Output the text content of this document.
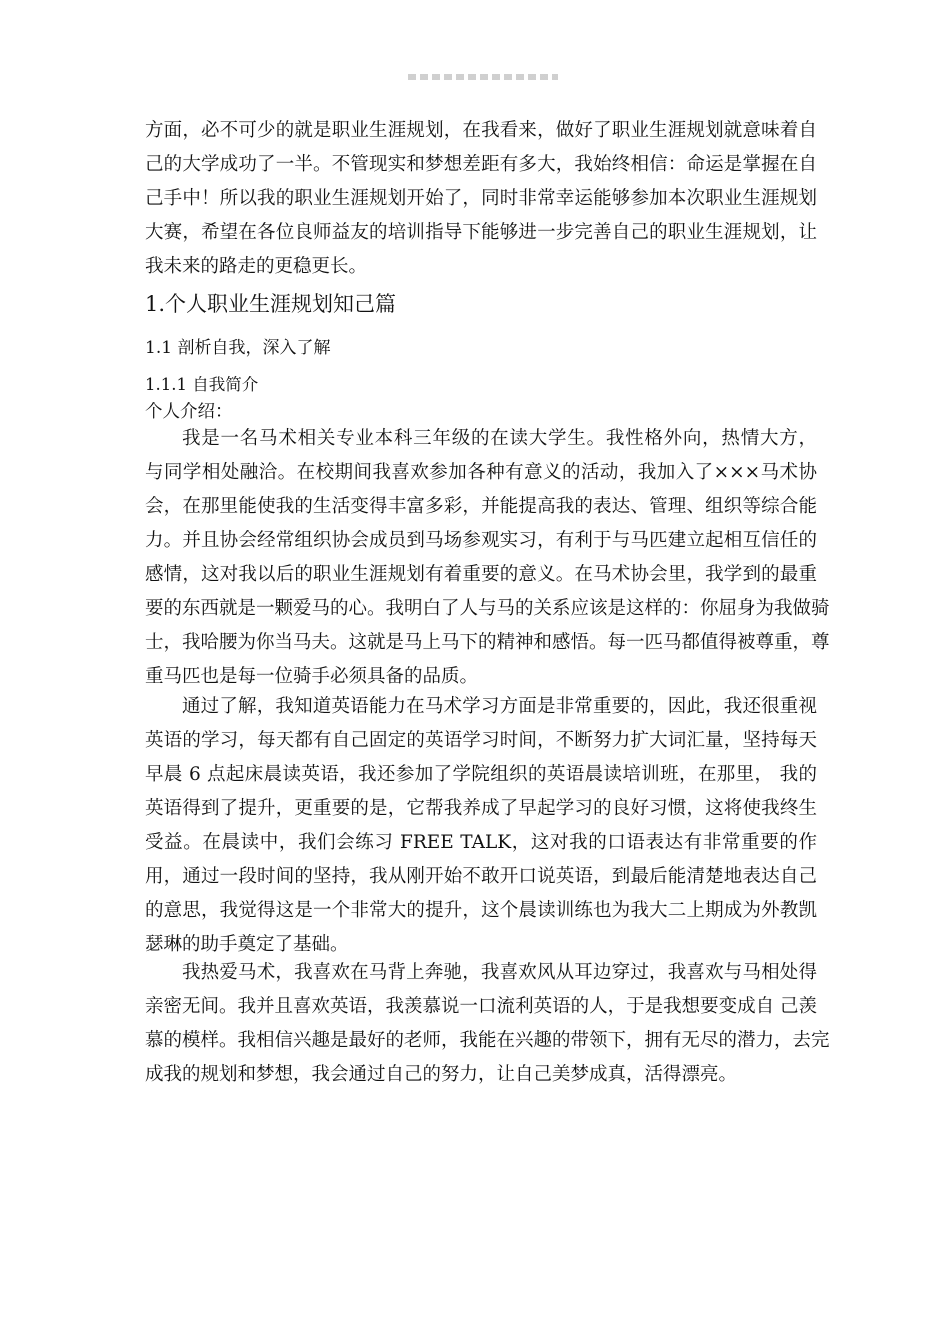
方面，必不可少的就是职业生涯规划，在我看来，做好了职业生涯规划就意味着自
己的大学成功了一半。不管现实和梦想差距有多大，我始终相信：命运是掌握在自
己手中！所以我的职业生涯规划开始了，同时非常幸运能够参加本次职业生涯规划
大赛，希望在各位良师益友的培训指导下能够进一步完善自己的职业生涯规划，让
我未来的路走的更稳更长。
1.个人职业生涯规划知己篇
1.1 剖析自我，深入了解
1.1.1 自我简介
个人介绍：
我是一名马术相关专业本科三年级的在读大学生。我性格外向，热情大方，
与同学相处融洽。在校期间我喜欢参加各种有意义的活动，我加入了×××马术协
会，在那里能使我的生活变得丰富多彩，并能提高我的表达、管理、组织等综合能
力。并且协会经常组织协会成员到马场参观实习，有利于与马匹建立起相互信任的
感情，这对我以后的职业生涯规划有着重要的意义。在马术协会里，我学到的最重
要的东西就是一颗爱马的心。我明白了人与马的关系应该是这样的：你屈身为我做骑
士，我哈腰为你当马夫。这就是马上马下的精神和感悟。每一匹马都值得被尊重，尊
重马匹也是每一位骑手必须具备的品质。
通过了解，我知道英语能力在马术学习方面是非常重要的，因此，我还很重视
英语的学习，每天都有自己固定的英语学习时间，不断努力扩大词汇量，坚持每天
早晨 6 点起床晨读英语，我还参加了学院组织的英语晨读培训班，在那里， 我的
英语得到了提升，更重要的是，它帮我养成了早起学习的良好习惯，这将使我终生
受益。在晨读中，我们会练习 FREE TALK，这对我的口语表达有非常重要的作
用，通过一段时间的坚持，我从刚开始不敢开口说英语，到最后能清楚地表达自己
的意思，我觉得这是一个非常大的提升，这个晨读训练也为我大二上期成为外教凯
瑟琳的助手奠定了基础。
我热爱马术，我喜欢在马背上奔驰，我喜欢风从耳边穿过，我喜欢与马相处得
亲密无间。我并且喜欢英语，我羡慕说一口流利英语的人，于是我想要变成自 己羡
慕的模样。我相信兴趣是最好的老师，我能在兴趣的带领下，拥有无尽的潜力，去完
成我的规划和梦想，我会通过自己的努力，让自己美梦成真，活得漂亮。
